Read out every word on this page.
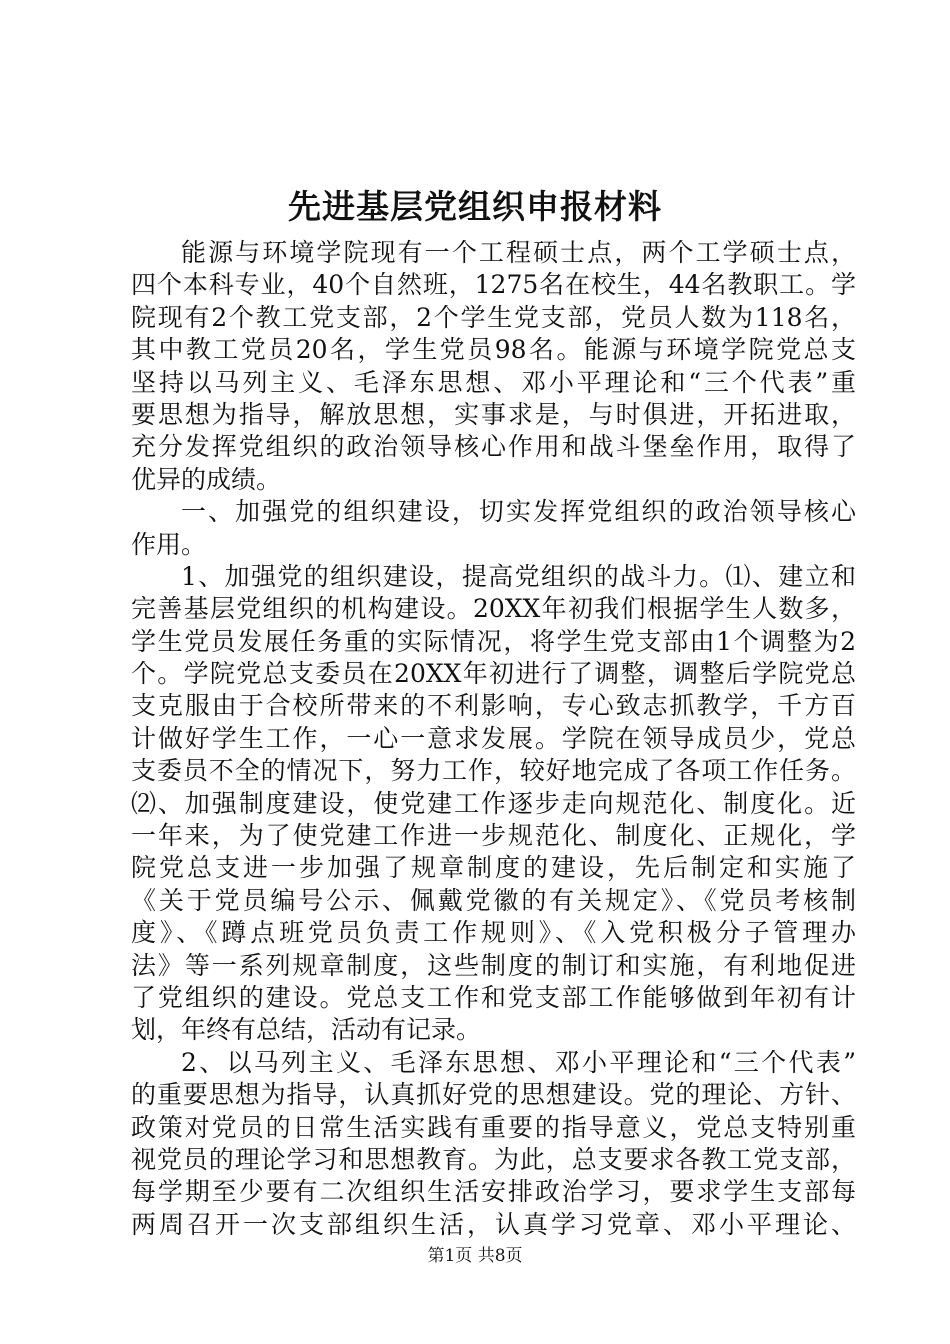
先进基层党组织申报材料
能源与环境学院现有一个工程硕士点，两个工学硕士点，
四个本科专业，40个自然班，1275名在校生，44名教职工。学
院现有2个教工党支部，2个学生党支部，党员人数为118名，
其中教工党员20名，学生党员98名。能源与环境学院党总支
坚持以马列主义、毛泽东思想、邓小平理论和“三个代表”重
要思想为指导，解放思想，实事求是，与时俱进，开拓进取，
充分发挥党组织的政治领导核心作用和战斗堡垒作用，取得了
优异的成绩。
一、加强党的组织建设，切实发挥党组织的政治领导核心
作用。
1、加强党的组织建设，提高党组织的战斗力。⑴、建立和
完善基层党组织的机构建设。20XX年初我们根据学生人数多，
学生党员发展任务重的实际情况，将学生党支部由1个调整为2
个。学院党总支委员在20XX年初进行了调整，调整后学院党总
支克服由于合校所带来的不利影响，专心致志抓教学，千方百
计做好学生工作，一心一意求发展。学院在领导成员少，党总
支委员不全的情况下，努力工作，较好地完成了各项工作任务。
⑵、加强制度建设，使党建工作逐步走向规范化、制度化。近
一年来，为了使党建工作进一步规范化、制度化、正规化，学
院党总支进一步加强了规章制度的建设，先后制定和实施了
《关于党员编号公示、佩戴党徽的有关规定》、《党员考核制
度》、《蹲点班党员负责工作规则》、《入党积极分子管理办
法》等一系列规章制度，这些制度的制订和实施，有利地促进
了党组织的建设。党总支工作和党支部工作能够做到年初有计
划，年终有总结，活动有记录。
2、以马列主义、毛泽东思想、邓小平理论和“三个代表”
的重要思想为指导，认真抓好党的思想建设。党的理论、方针、
政策对党员的日常生活实践有重要的指导意义，党总支特别重
视党员的理论学习和思想教育。为此，总支要求各教工党支部，
每学期至少要有二次组织生活安排政治学习，要求学生支部每
两周召开一次支部组织生活，认真学习党章、邓小平理论、
第1页 共8页
